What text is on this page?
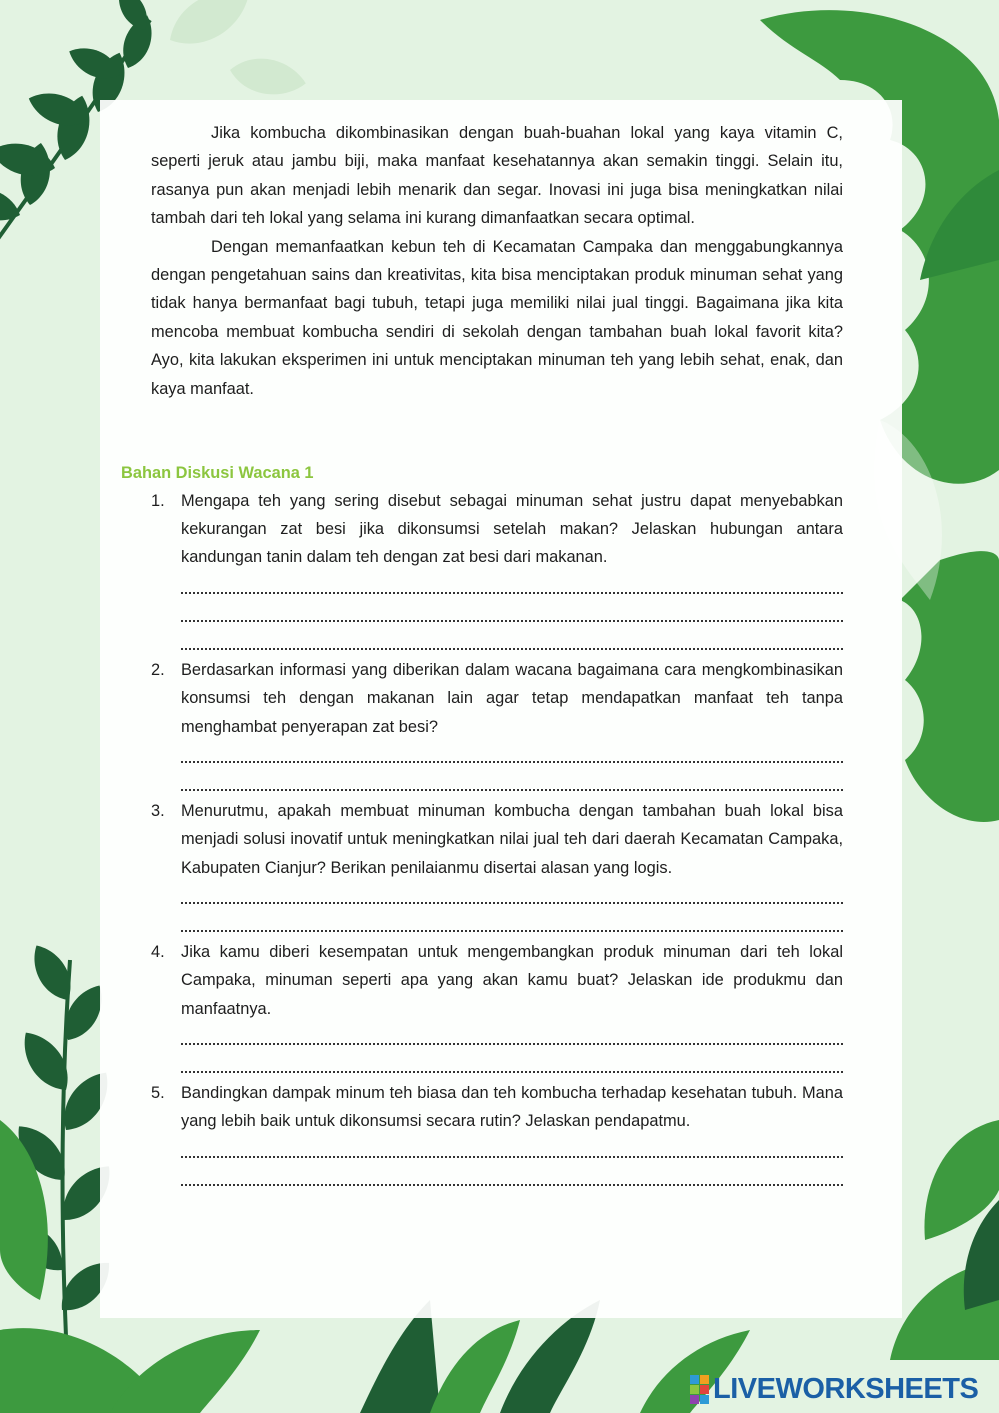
Jika kombucha dikombinasikan dengan buah-buahan lokal yang kaya vitamin C, seperti jeruk atau jambu biji, maka manfaat kesehatannya akan semakin tinggi. Selain itu, rasanya pun akan menjadi lebih menarik dan segar. Inovasi ini juga bisa meningkatkan nilai tambah dari teh lokal yang selama ini kurang dimanfaatkan secara optimal.

Dengan memanfaatkan kebun teh di Kecamatan Campaka dan menggabungkannya dengan pengetahuan sains dan kreativitas, kita bisa menciptakan produk minuman sehat yang tidak hanya bermanfaat bagi tubuh, tetapi juga memiliki nilai jual tinggi. Bagaimana jika kita mencoba membuat kombucha sendiri di sekolah dengan tambahan buah lokal favorit kita? Ayo, kita lakukan eksperimen ini untuk menciptakan minuman teh yang lebih sehat, enak, dan kaya manfaat.

Bahan Diskusi Wacana 1
1. Mengapa teh yang sering disebut sebagai minuman sehat justru dapat menyebabkan kekurangan zat besi jika dikonsumsi setelah makan? Jelaskan hubungan antara kandungan tanin dalam teh dengan zat besi dari makanan.
2. Berdasarkan informasi yang diberikan dalam wacana bagaimana cara mengkombinasikan konsumsi teh dengan makanan lain agar tetap mendapatkan manfaat teh tanpa menghambat penyerapan zat besi?
3. Menurutmu, apakah membuat minuman kombucha dengan tambahan buah lokal bisa menjadi solusi inovatif untuk meningkatkan nilai jual teh dari daerah Kecamatan Campaka, Kabupaten Cianjur? Berikan penilaianmu disertai alasan yang logis.
4. Jika kamu diberi kesempatan untuk mengembangkan produk minuman dari teh lokal Campaka, minuman seperti apa yang akan kamu buat? Jelaskan ide produkmu dan manfaatnya.
5. Bandingkan dampak minum teh biasa dan teh kombucha terhadap kesehatan tubuh. Mana yang lebih baik untuk dikonsumsi secara rutin? Jelaskan pendapatmu.
LIVEWORKSHEETS
